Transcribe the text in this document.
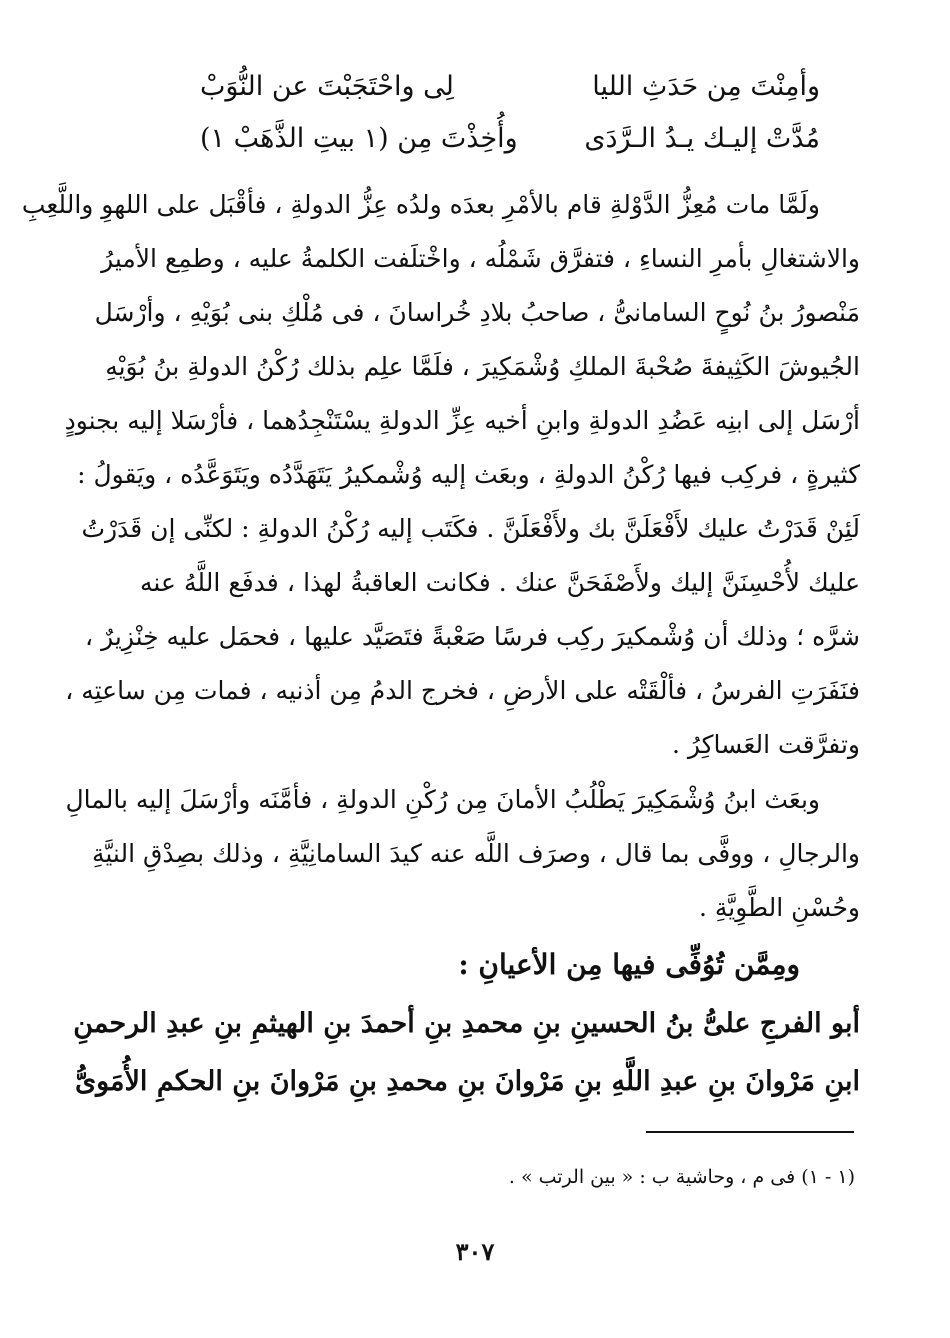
وأمِنْتَ مِن حَدَثِ الليا
لِى واحْتَجَبْتَ عن النُّوَبْ
مُدَّتْ إليـك يـدُ الـرَّدَى
وأُخِذْتَ مِن (١ بيتِ الذَّهَبْ ١)
ولَمَّا مات مُعِزُّ الدَّوْلةِ قام بالأمْرِ بعدَه ولدُه عِزُّ الدولةِ ، فأقْبَل على اللهوِ واللَّعِبِ
والاشتغالِ بأمرِ النساءِ ، فتفرَّق شَمْلُه ، واخْتلَفت الكلمةُ عليه ، وطمِع الأميرُ
مَنْصورُ بنُ نُوحٍ السامانىُّ ، صاحبُ بلادِ خُراسانَ ، فى مُلْكِ بنى بُوَيْهِ ، وأرْسَل
الجُيوشَ الكَثِيفةَ صُحْبةَ الملكِ وُشْمَكِيرَ ، فلَمَّا علِم بذلك رُكْنُ الدولةِ بنُ بُوَيْهِ
أرْسَل إلى ابنِه عَضُدِ الدولةِ وابنِ أخيه عِزِّ الدولةِ يسْتَنْجِدُهما ، فأرْسَلا إليه بجنودٍ
كثيرةٍ ، فركِب فيها رُكْنُ الدولةِ ، وبعَث إليه وُشْمكيرُ يَتَهَدَّدُه ويَتَوَعَّدُه ، ويَقولُ :
لَئِنْ قَدَرْتُ عليك لأَفْعَلَنَّ بك ولأَفْعَلَنَّ . فكَتَب إليه رُكْنُ الدولةِ : لكنِّى إن قَدَرْتُ
عليك لأُحْسِنَنَّ إليك ولأَصْفَحَنَّ عنك . فكانت العاقبةُ لهذا ، فدفَع اللَّهُ عنه
شرَّه ؛ وذلك أن وُشْمكيرَ ركِب فرسًا صَعْبةً فتَصَيَّد عليها ، فحمَل عليه خِنْزِيرٌ ،
فنَفَرَتِ الفرسُ ، فألْقَتْه على الأرضِ ، فخرج الدمُ مِن أذنيه ، فمات مِن ساعتِه ،
وتفرَّقت العَساكِرُ .
وبعَث ابنُ وُشْمَكِيرَ يَطْلُبُ الأمانَ مِن رُكْنِ الدولةِ ، فأمَّنَه وأرْسَلَ إليه بالمالِ
والرجالِ ، ووفَّى بما قال ، وصرَف اللَّه عنه كيدَ السامانِيَّةِ ، وذلك بصِدْقِ النيَّةِ
وحُسْنِ الطَّوِيَّةِ .
ومِمَّن تُوُفِّى فيها مِن الأعيانِ :
أبو الفرجِ علىُّ بنُ الحسينِ بنِ محمدِ بنِ أحمدَ بنِ الهيثمِ بنِ عبدِ الرحمنِ
ابنِ مَرْوانَ بنِ عبدِ اللَّهِ بنِ مَرْوانَ بنِ محمدِ بنِ مَرْوانَ بنِ الحكمِ الأُمَوىُّ
(١ - ١) فى م ، وحاشية ب : « بين الرتب » .
٣٠٧
